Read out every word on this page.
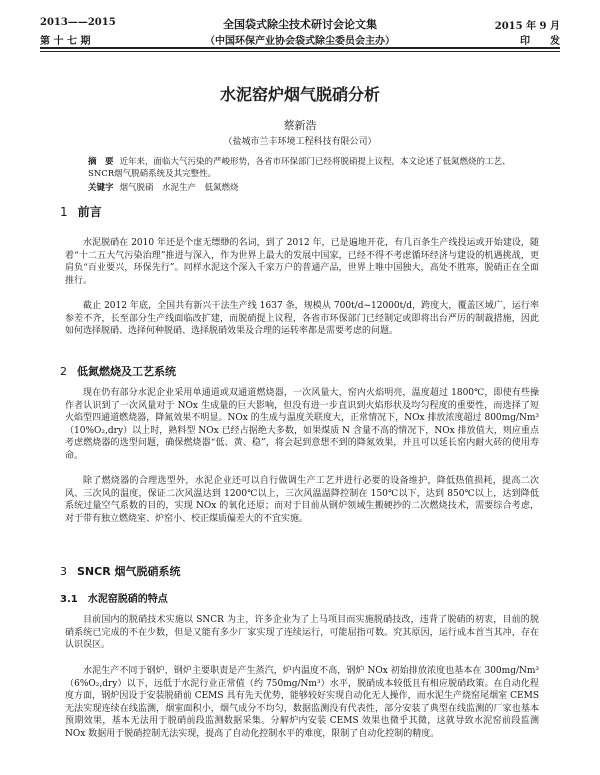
2013——2015
第 十 七 期
全国袋式除尘技术研讨会论文集
（中国环保产业协会袋式除尘委员会主办）
2015 年 9 月
印　　发
水泥窑炉烟气脱硝分析
蔡新浩
（盐城市兰丰环境工程科技有限公司）
摘　要 近年来，面临大气污染的严峻形势，各省市环保部门已经将脱硝提上议程，本文论述了低氮燃烧的工艺、SNCR烟气脱硝系统及其完整性。
关键字 烟气脱硝　水泥生产　低氮燃烧
1 前言

水泥脱硝在 2010 年还是个虚无缥缈的名词，到了 2012 年，已是遍地开花，有几百条生产线投运或开始建设，随着“十二五大气污染治理”推进与深入，作为世界上最大的发展中国家，已经不得不考虑循环经济与建设的机遇挑战，更肩负“百业要兴，环保先行”。同样水泥这个深入千家万户的普通产品，世界上唯中国独大，高处不胜寒，脱硝正在全面推行。

截止 2012 年底，全国共有新兴干法生产线 1637 条，规模从 700t/d~12000t/d，跨度大，覆盖区域广，运行率参差不齐，长至部分生产线面临改扩建，而脱硝提上议程，各省市环保部门已经制定或即将出台严厉的制裁措施，因此如何选择脱硝、选择何种脱硝、选择脱硝效果及合理的运转率都是需要考虑的问题。

2 低氮燃烧及工艺系统

现在仍有部分水泥企业采用单通道或双通道燃烧器，一次风量大，窑内火焰明亮，温度超过 1800℃，即使有些操作者认识到了一次风量对于 NOx 生成量的巨大影响，但没有进一步直识到火焰形状及均匀程度的重要性，而选择了短火焰型四通道燃烧器，降氮效果不明显。NOx 的生成与温度关联度大，正常情况下，NOx 排放浓度超过 800mg/Nm³（10%O₂,dry）以上时，熟料型 NOx 已经占据绝大多数，如果煤质 N 含量不高的情况下，NOx 排放值大，则应重点考虑燃烧器的选型问题，确保燃烧器“低、黄、稳”，将会起到意想不到的降氮效果，并且可以延长窑内耐火砖的使用寿命。

除了燃烧器的合理选型外，水泥企业还可以自行做调生产工艺并进行必要的设备维护，降低热值损耗，提高二次风、三次风的温度，保证二次风温达到 1200℃以上，三次风温温降控制在 150℃以下，达到 850℃以上，达到降低系统过量空气系数的目的，实现 NOx 的氧化还原；而对于目前从钢炉领域生搬硬抄的二次燃烧技术，需要综合考虑，对于带有独立燃烧室、炉窑小、校正煤质偏差大的不宜实施。

3 SNCR 烟气脱硝系统
3.1 水泥窑脱硝的特点

目前国内的脱硝技术实施以 SNCR 为主，许多企业为了上马项目而实施脱硝技改，违背了脱硝的初衷，目前的脱硝系统已完成的不在少数，但是又能有多少厂家实现了连续运行，可能屈指可数。究其原因，运行成本首当其冲，存在认识误区。

水泥生产不同于钢炉，钢炉主要职责是产生蒸汽，炉内温度不高，钢炉 NOx 初始排放浓度也基本在 300mg/Nm³（6%O₂,dry）以下，远低于水泥行业正常值（约 750mg/Nm³）水平，脱硝成本较低且有相应脱硝政策。在自动化程度方面，钢炉因设于安装脱硝前 CEMS 具有先天优势，能够较好实现自动化无人操作，而水泥生产烧窑尾烟室 CEMS 无法实现连续在线监测，烟室面积小，烟气成分不均匀，数据监测没有代表性，部分安装了典型在线监测的厂家也基本预期效果，基本无法用于脱硝前段监测数据采集。分解炉内安装 CEMS 效果也微乎其微，这就导致水泥窑前段监测 NOx 数据用于脱硝控制无法实现，提高了自动化控制水平的难度，限制了自动化控制的精度。
